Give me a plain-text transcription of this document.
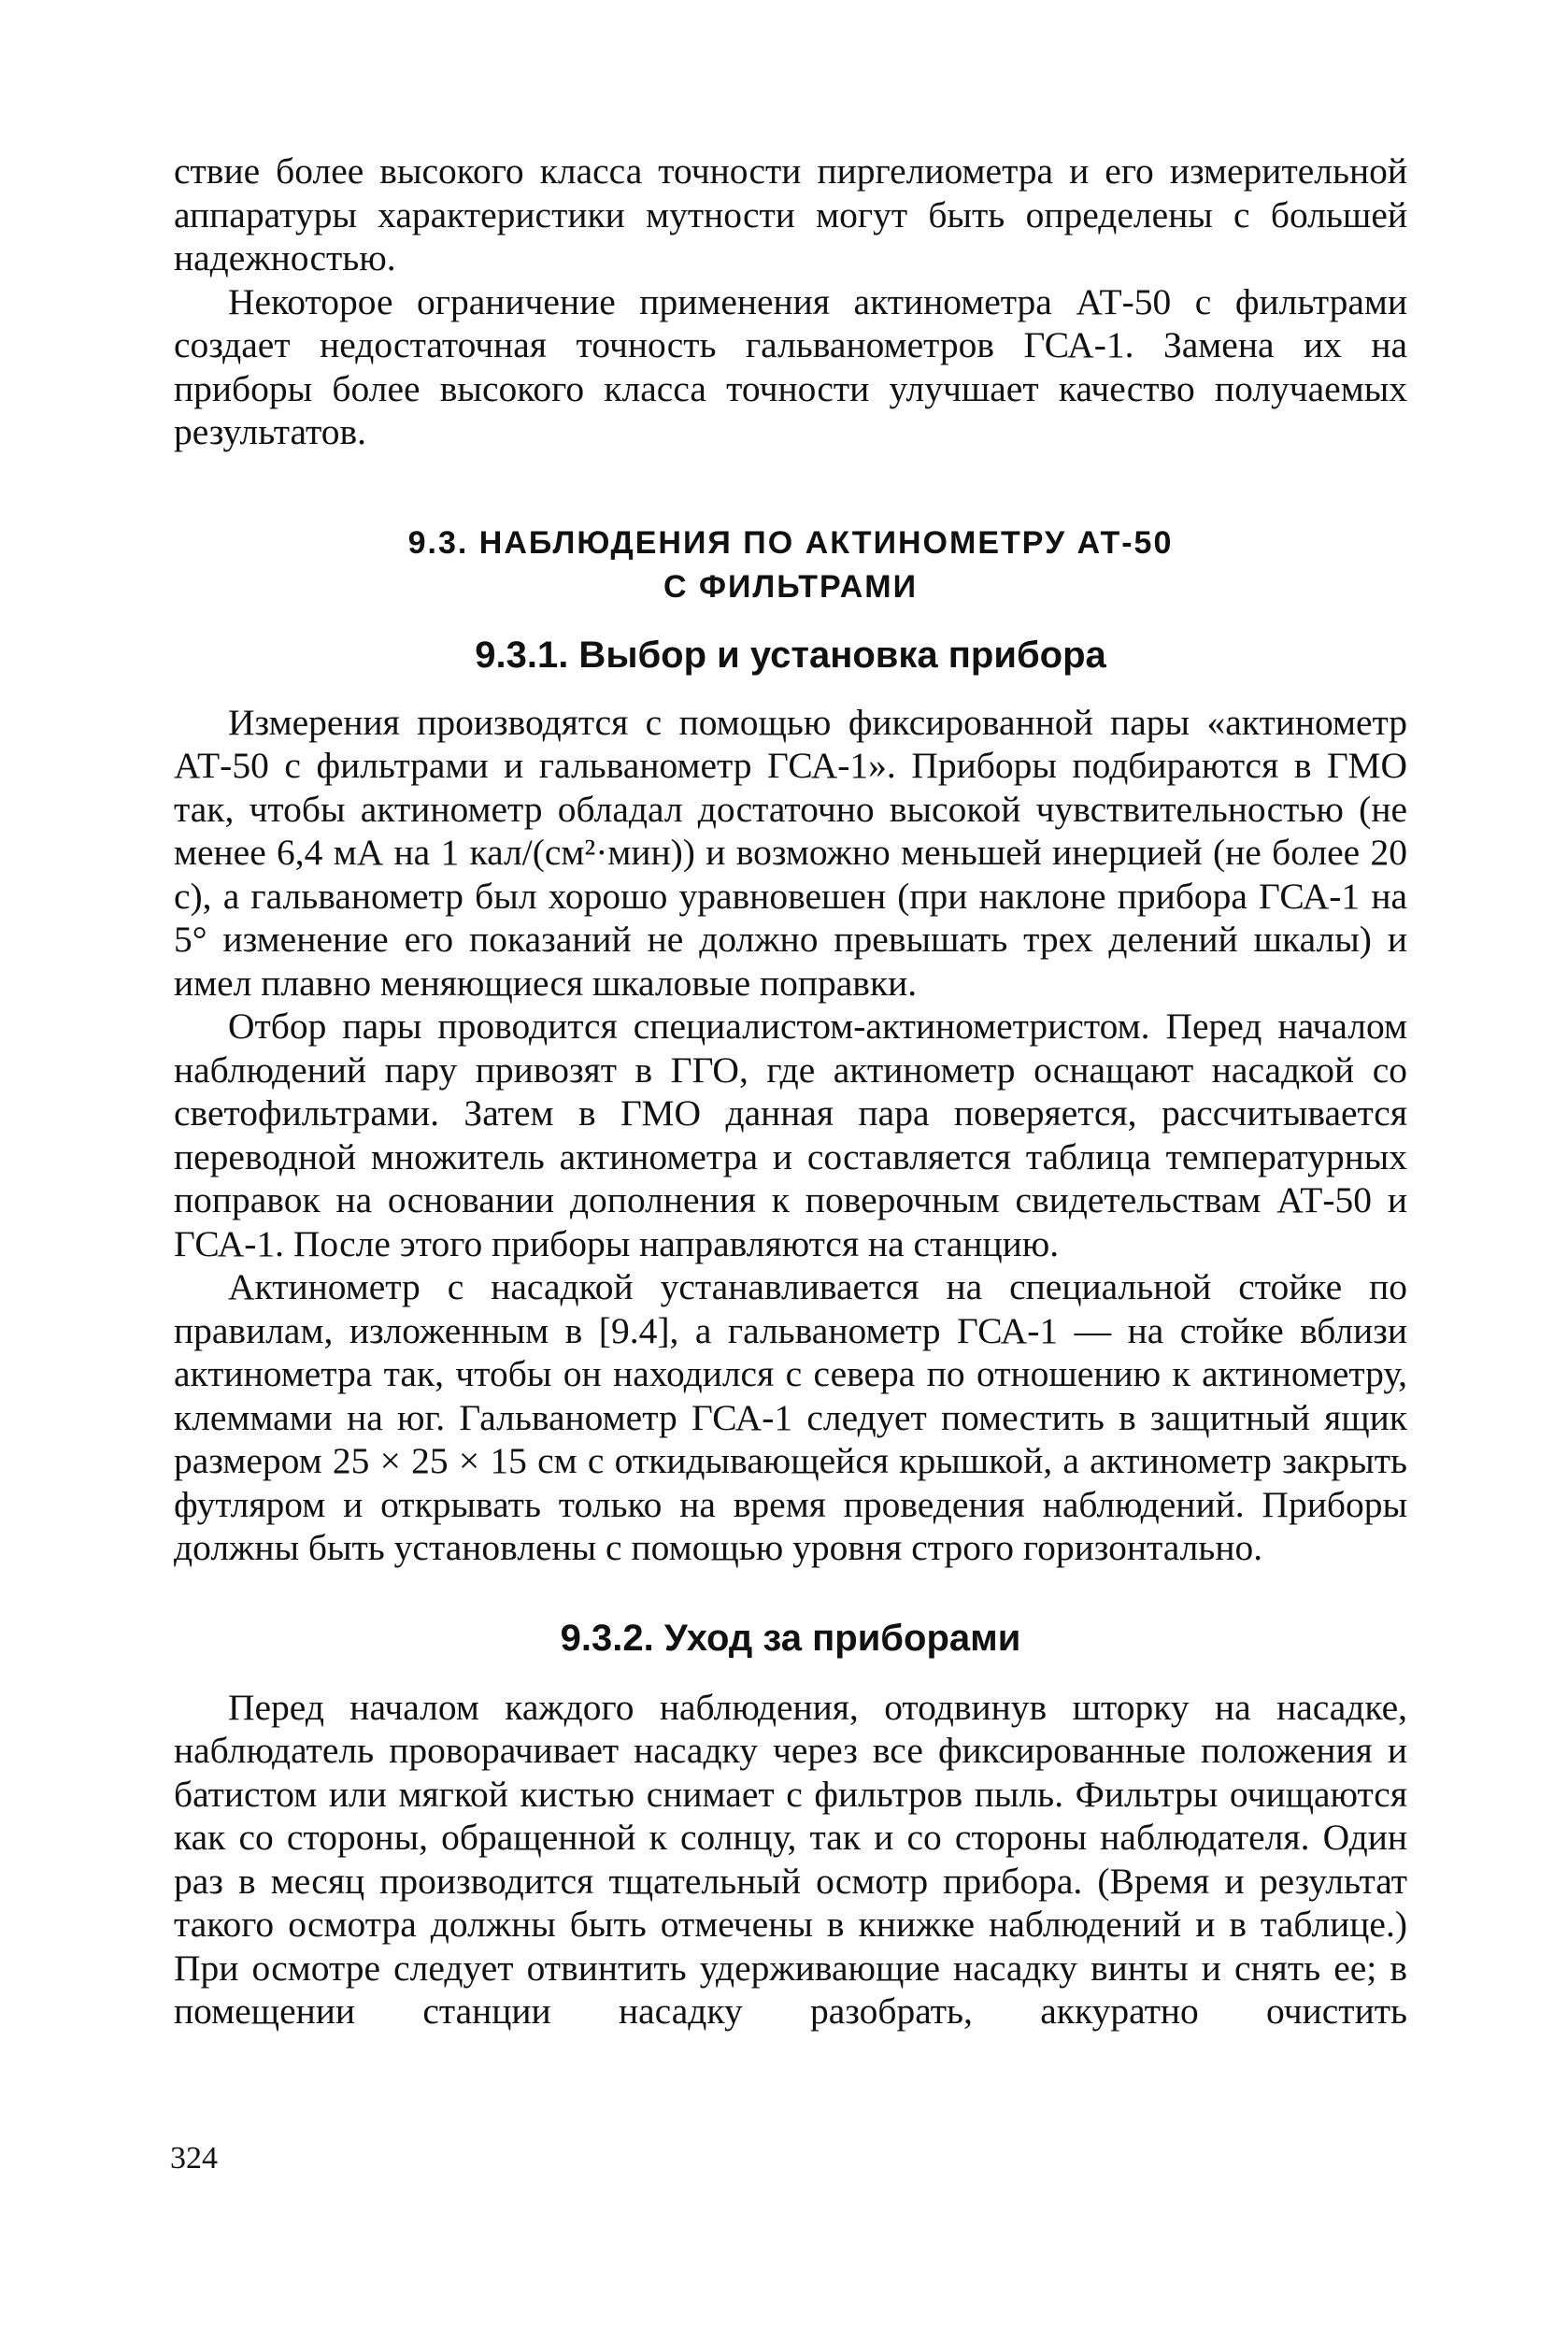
ствие более высокого класса точности пиргелиометра и его измерительной аппаратуры характеристики мутности могут быть определены с большей надежностью.

Некоторое ограничение применения актинометра АТ-50 с фильтрами создает недостаточная точность гальванометров ГСА-1. Замена их на приборы более высокого класса точности улучшает качество получаемых результатов.

9.3. НАБЛЮДЕНИЯ ПО АКТИНОМЕТРУ АТ-50

С ФИЛЬТРАМИ

9.3.1. Выбор и установка прибора

Измерения производятся с помощью фиксированной пары «актинометр АТ-50 с фильтрами и гальванометр ГСА-1». Приборы подбираются в ГМО так, чтобы актинометр обладал достаточно высокой чувствительностью (не менее 6,4 мА на 1 кал/(см²·мин)) и возможно меньшей инерцией (не более 20 с), а гальванометр был хорошо уравновешен (при наклоне прибора ГСА-1 на 5° изменение его показаний не должно превышать трех делений шкалы) и имел плавно меняющиеся шкаловые поправки.

Отбор пары проводится специалистом-актинометристом. Перед началом наблюдений пару привозят в ГГО, где актинометр оснащают насадкой со светофильтрами. Затем в ГМО данная пара поверяется, рассчитывается переводной множитель актинометра и составляется таблица температурных поправок на основании дополнения к поверочным свидетельствам АТ-50 и ГСА-1. После этого приборы направляются на станцию.

Актинометр с насадкой устанавливается на специальной стойке по правилам, изложенным в [9.4], а гальванометр ГСА-1 — на стойке вблизи актинометра так, чтобы он находился с севера по отношению к актинометру, клеммами на юг. Гальванометр ГСА-1 следует поместить в защитный ящик размером 25 × 25 × 15 см с откидывающейся крышкой, а актинометр закрыть футляром и открывать только на время проведения наблюдений. Приборы должны быть установлены с помощью уровня строго горизонтально.

9.3.2. Уход за приборами

Перед началом каждого наблюдения, отодвинув шторку на насадке, наблюдатель проворачивает насадку через все фиксированные положения и батистом или мягкой кистью снимает с фильтров пыль. Фильтры очищаются как со стороны, обращенной к солнцу, так и со стороны наблюдателя. Один раз в месяц производится тщательный осмотр прибора. (Время и результат такого осмотра должны быть отмечены в книжке наблюдений и в таблице.) При осмотре следует отвинтить удерживающие насадку винты и снять ее; в помещении станции насадку разобрать, аккуратно очистить

324
